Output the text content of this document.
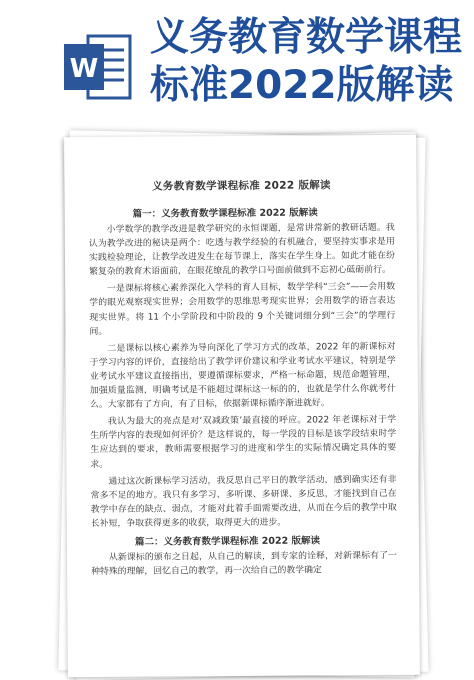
W
义务教育数学课程
标准2022版解读
义务教育数学课程标准 2022 版解读
篇一：义务教育数学课程标准 2022 版解读

小学数学的教学改进是教学研究的永恒课题，是常讲常新的教研话题。我认为教学改进的秘诀是两个：吃透与教学经验的有机融合，要坚持实事求是用实践检验理论，让教学改进发生在每节课上，落实在学生身上。如此才能在纷繁复杂的教育术语面前，在眼花缭乱的教学口号面前做到不忘初心砥砺前行。

一是课标将核心素养深化入学科的育人目标，数学学科“三会”——会用数学的眼光观察现实世界；会用数学的思维思考现实世界；会用数学的语言表达现实世界。将 11 个小学阶段和中阶段的 9 个关键词细分到“三会”的学理行间。

二是课标以核心素养为导向深化了学习方式的改革，2022 年的新课标对于学习内容的评价，直接给出了教学评价建议和学业考试水平建议，特别是学业考试水平建议直接指出，要遵循课标要求，严格一标命题，规范命题管理，加强质量监测，明确考试是不能超过课标这一标的的，也就是学什么你就考什么。大家都有了方向，有了目标，依据新课标循序渐进就好。

我认为最大的亮点是对‘双减政策’最直接的呼应。2022 年老课标对于学生所学内容的表现如何评价？是这样说的，每一学段的目标是该学段结束时学生应达到的要求，教师需要根据学习的进度和学生的实际情况确定具体的要求。

通过这次新课标学习活动，我反思自己平日的教学活动，感到确实还有非常多不足的地方。我只有多学习、多听课、多研课、多反思，才能找到自己在教学中存在的缺点、弱点，才能对此着手面需要改进，从而在今后的教学中取长补短，争取获得更多的收获，取得更大的进步。

篇二：义务教育数学课程标准 2022 版解读

从新课标的颁布之日起，从自己的解读，到专家的诠释，对新课标有了一种特殊的理解，回忆自己的教学，再一次给自己的教学确定
